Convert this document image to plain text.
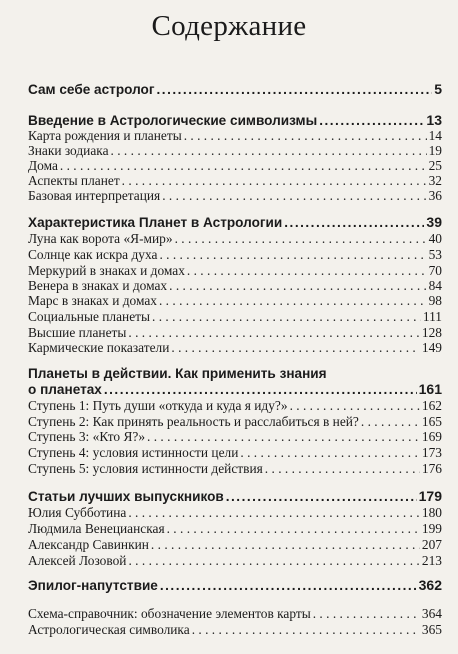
Содержание
Сам себе астролог .....	5
Введение в Астрологические символизмы .....	13
Карта рождения и планеты . . .	14
Знаки зодиака . . .	19
Дома . . .	25
Аспекты планет . . .	32
Базовая интерпретация . . .	36
Характеристика Планет в Астрологии .....	39
Луна как ворота «Я-мир» . . .	40
Солнце как искра духа . . .	53
Меркурий в знаках и домах . . .	70
Венера в знаках и домах . . .	84
Марс в знаках и домах . . .	98
Социальные планеты . . .	111
Высшие планеты . . .	128
Кармические показатели . . .	149
Планеты в действии. Как применить знания
о планетах .....	161
Ступень 1: Путь души «откуда и куда я иду?» . . .	162
Ступень 2: Как принять реальность и расслабиться в ней? . . .	165
Ступень 3: «Кто Я?» . . .	169
Ступень 4: условия истинности цели . . .	173
Ступень 5: условия истинности действия . . .	176
Статьи лучших выпускников .....	179
Юлия Субботина . . .	180
Людмила Венецианская . . .	199
Александр Савинкин . . .	207
Алексей Лозовой . . .	213
Эпилог-напутствие .....	362
Схема-справочник: обозначение элементов карты . . .	364
Астрологическая символика . . .	365
